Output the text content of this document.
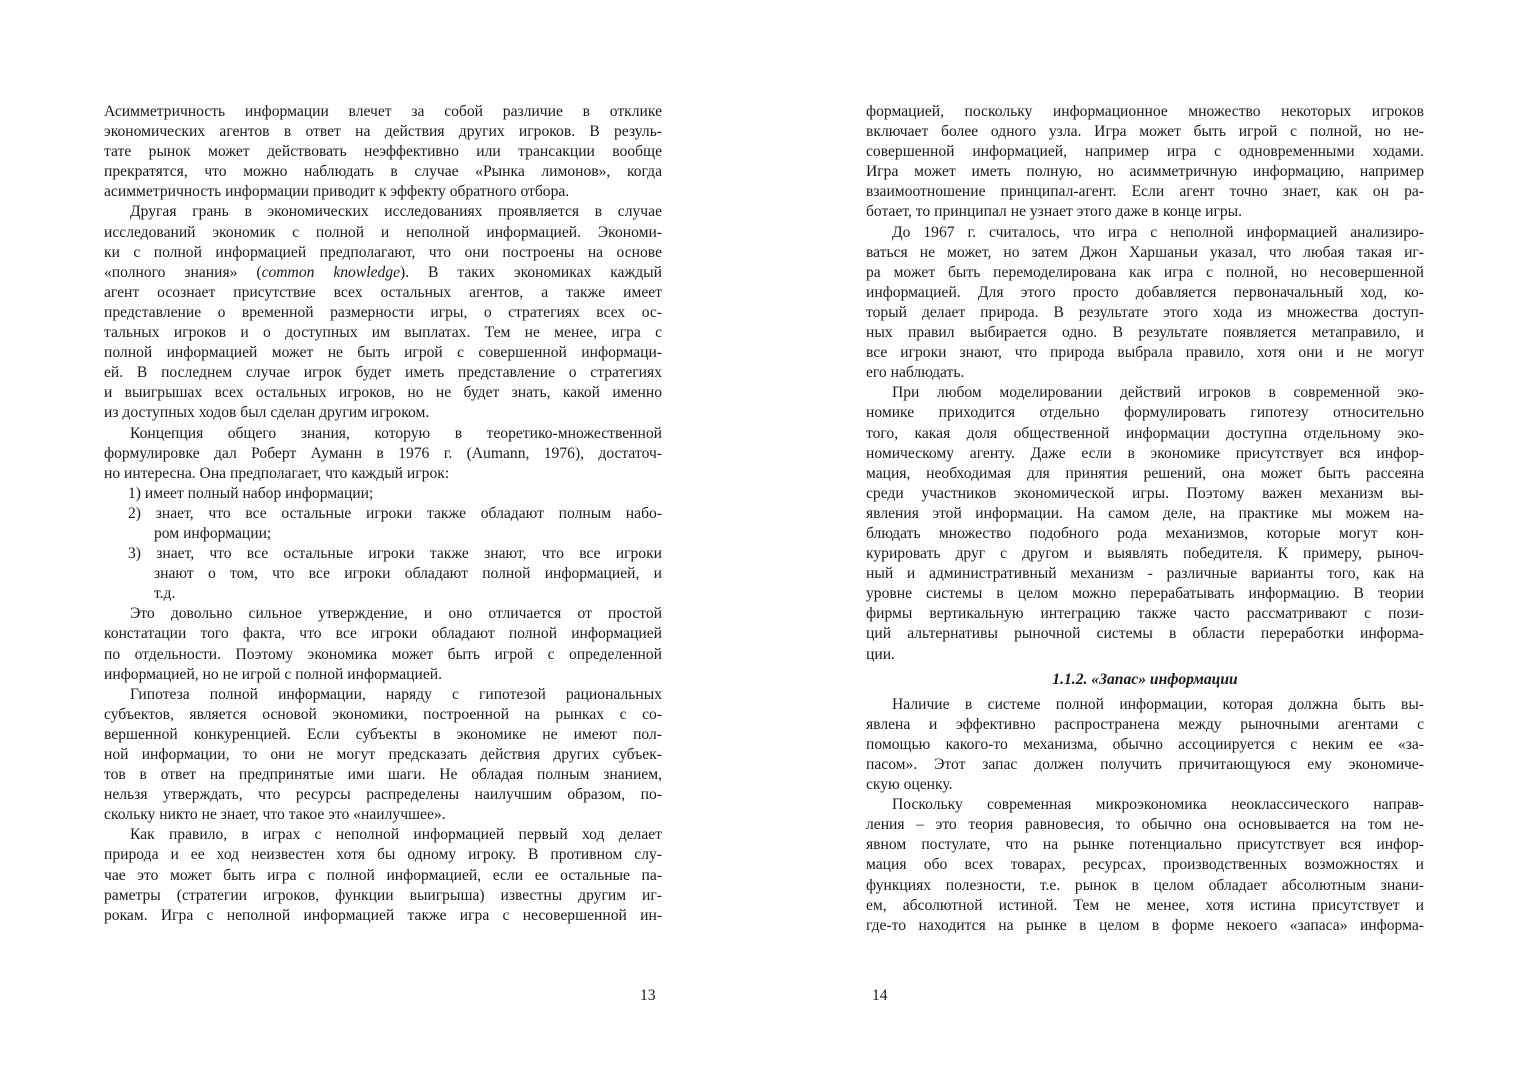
Асимметричность информации влечет за собой различие в отклике
экономических агентов в ответ на действия других игроков. В резуль-
тате рынок может действовать неэффективно или трансакции вообще
прекратятся, что можно наблюдать в случае «Рынка лимонов», когда
асимметричность информации приводит к эффекту обратного отбора.
Другая грань в экономических исследованиях проявляется в случае
исследований экономик с полной и неполной информацией. Экономи-
ки с полной информацией предполагают, что они построены на основе
«полного знания» (common knowledge). В таких экономиках каждый
агент осознает присутствие всех остальных агентов, а также имеет
представление о временной размерности игры, о стратегиях всех ос-
тальных игроков и о доступных им выплатах. Тем не менее, игра с
полной информацией может не быть игрой с совершенной информаци-
ей. В последнем случае игрок будет иметь представление о стратегиях
и выигрышах всех остальных игроков, но не будет знать, какой именно
из доступных ходов был сделан другим игроком.
Концепция общего знания, которую в теоретико-множественной
формулировке дал Роберт Ауманн в 1976 г. (Aumann, 1976), достаточ-
но интересна. Она предполагает, что каждый игрок:
1) имеет полный набор информации;
2) знает, что все остальные игроки также обладают полным набо-
ром информации;
3) знает, что все остальные игроки также знают, что все игроки
знают о том, что все игроки обладают полной информацией, и
т.д.
Это довольно сильное утверждение, и оно отличается от простой
констатации того факта, что все игроки обладают полной информацией
по отдельности. Поэтому экономика может быть игрой с определенной
информацией, но не игрой с полной информацией.
Гипотеза полной информации, наряду с гипотезой рациональных
субъектов, является основой экономики, построенной на рынках с со-
вершенной конкуренцией. Если субъекты в экономике не имеют пол-
ной информации, то они не могут предсказать действия других субъек-
тов в ответ на предпринятые ими шаги. Не обладая полным знанием,
нельзя утверждать, что ресурсы распределены наилучшим образом, по-
скольку никто не знает, что такое это «наилучшее».
Как правило, в играх с неполной информацией первый ход делает
природа и ее ход неизвестен хотя бы одному игроку. В противном слу-
чае это может быть игра с полной информацией, если ее остальные па-
раметры (стратегии игроков, функции выигрыша) известны другим иг-
рокам. Игра с неполной информацией также игра с несовершенной ин-
13
формацией, поскольку информационное множество некоторых игроков
включает более одного узла. Игра может быть игрой с полной, но не-
совершенной информацией, например игра с одновременными ходами.
Игра может иметь полную, но асимметричную информацию, например
взаимоотношение принципал-агент. Если агент точно знает, как он ра-
ботает, то принципал не узнает этого даже в конце игры.
До 1967 г. считалось, что игра с неполной информацией анализиро-
ваться не может, но затем Джон Харшаньи указал, что любая такая иг-
ра может быть перемоделирована как игра с полной, но несовершенной
информацией. Для этого просто добавляется первоначальный ход, ко-
торый делает природа. В результате этого хода из множества доступ-
ных правил выбирается одно. В результате появляется метаправило, и
все игроки знают, что природа выбрала правило, хотя они и не могут
его наблюдать.
При любом моделировании действий игроков в современной эко-
номике приходится отдельно формулировать гипотезу относительно
того, какая доля общественной информации доступна отдельному эко-
номическому агенту. Даже если в экономике присутствует вся инфор-
мация, необходимая для принятия решений, она может быть рассеяна
среди участников экономической игры. Поэтому важен механизм вы-
явления этой информации. На самом деле, на практике мы можем на-
блюдать множество подобного рода механизмов, которые могут кон-
курировать друг с другом и выявлять победителя. К примеру, рыноч-
ный и административный механизм - различные варианты того, как на
уровне системы в целом можно перерабатывать информацию. В теории
фирмы вертикальную интеграцию также часто рассматривают с пози-
ций альтернативы рыночной системы в области переработки информа-
ции.
1.1.2. «Запас» информации
Наличие в системе полной информации, которая должна быть вы-
явлена и эффективно распространена между рыночными агентами с
помощью какого-то механизма, обычно ассоциируется с неким ее «за-
пасом». Этот запас должен получить причитающуюся ему экономиче-
скую оценку.
Поскольку современная микроэкономика неоклассического направ-
ления – это теория равновесия, то обычно она основывается на том не-
явном постулате, что на рынке потенциально присутствует вся инфор-
мация обо всех товарах, ресурсах, производственных возможностях и
функциях полезности, т.е. рынок в целом обладает абсолютным знани-
ем, абсолютной истиной. Тем не менее, хотя истина присутствует и
где-то находится на рынке в целом в форме некоего «запаса» информа-
14
